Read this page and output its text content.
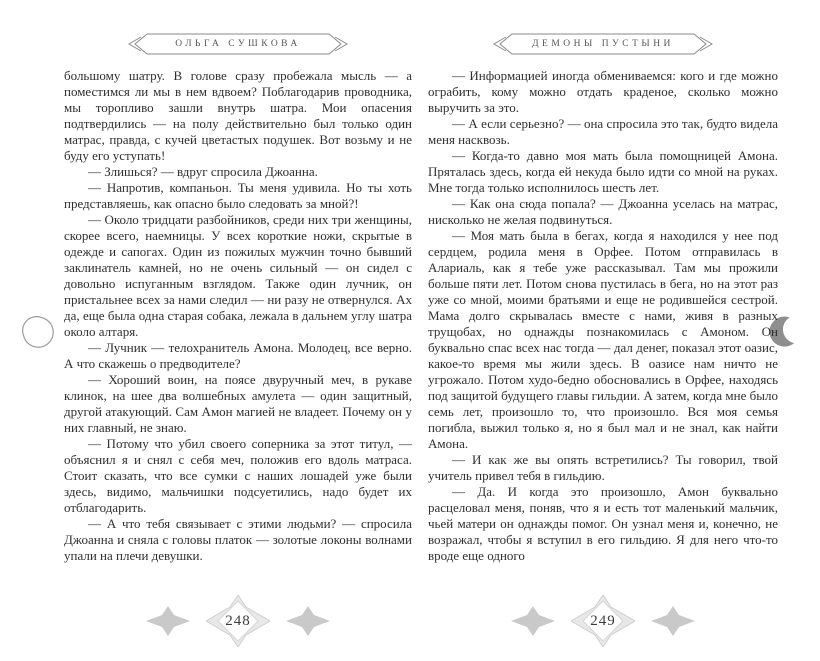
ОЛЬГА СУШКОВА

большому шатру. В голове сразу пробежала мысль — а поместимся ли мы в нем вдвоем? Поблагодарив проводника, мы торопливо зашли внутрь шатра. Мои опасения подтвердились — на полу действительно был только один матрас, правда, с кучей цветастых подушек. Вот возьму и не буду его уступать!

— Злишься? — вдруг спросила Джоанна.

— Напротив, компаньон. Ты меня удивила. Но ты хоть представляешь, как опасно было следовать за мной?!

— Около тридцати разбойников, среди них три женщины, скорее всего, наемницы. У всех короткие ножи, скрытые в одежде и сапогах. Один из пожилых мужчин точно бывший заклинатель камней, но не очень сильный — он сидел с довольно испуганным взглядом. Также один лучник, он пристальнее всех за нами следил — ни разу не отвернулся. Ах да, еще была одна старая собака, лежала в дальнем углу шатра около алтаря.

— Лучник — телохранитель Амона. Молодец, все верно. А что скажешь о предводителе?

— Хороший воин, на поясе двуручный меч, в рукаве клинок, на шее два волшебных амулета — один защитный, другой атакующий. Сам Амон магией не владеет. Почему он у них главный, не знаю.

— Потому что убил своего соперника за этот титул, — объяснил я и снял с себя меч, положив его вдоль матраса. Стоит сказать, что все сумки с наших лошадей уже были здесь, видимо, мальчишки подсуетились, надо будет их отблагодарить.

— А что тебя связывает с этими людьми? — спросила Джоанна и сняла с головы платок — золотые локоны волнами упали на плечи девушки.

248
ДЕМОНЫ ПУСТЫНИ

— Информацией иногда обмениваемся: кого и где можно ограбить, кому можно отдать краденое, сколько можно выручить за это.

— А если серьезно? — она спросила это так, будто видела меня насквозь.

— Когда-то давно моя мать была помощницей Амона. Пряталась здесь, когда ей некуда было идти со мной на руках. Мне тогда только исполнилось шесть лет.

— Как она сюда попала? — Джоанна уселась на матрас, нисколько не желая подвинуться.

— Моя мать была в бегах, когда я находился у нее под сердцем, родила меня в Орфее. Потом отправилась в Алариаль, как я тебе уже рассказывал. Там мы прожили больше пяти лет. Потом снова пустилась в бега, но на этот раз уже со мной, моими братьями и еще не родившейся сестрой. Мама долго скрывалась вместе с нами, живя в разных трущобах, но однажды познакомилась с Амоном. Он буквально спас всех нас тогда — дал денег, показал этот оазис, какое-то время мы жили здесь. В оазисе нам ничто не угрожало. Потом худо-бедно обосновались в Орфее, находясь под защитой будущего главы гильдии. А затем, когда мне было семь лет, произошло то, что произошло. Вся моя семья погибла, выжил только я, но я был мал и не знал, как найти Амона.

— И как же вы опять встретились? Ты говорил, твой учитель привел тебя в гильдию.

— Да. И когда это произошло, Амон буквально расцеловал меня, поняв, что я и есть тот маленький мальчик, чьей матери он однажды помог. Он узнал меня и, конечно, не возражал, чтобы я вступил в его гильдию. Я для него что-то вроде еще одного

249
